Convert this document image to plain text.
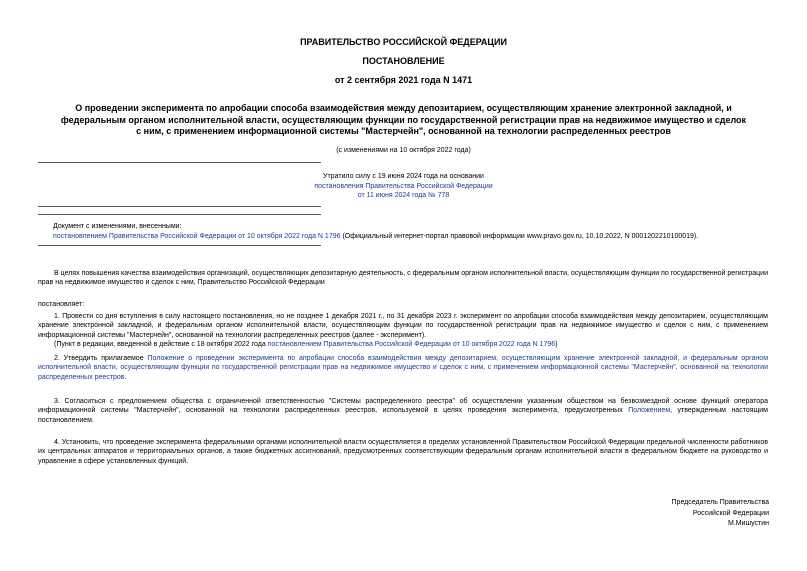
ПРАВИТЕЛЬСТВО РОССИЙСКОЙ ФЕДЕРАЦИИ
ПОСТАНОВЛЕНИЕ
от 2 сентября 2021 года N 1471
О проведении эксперимента по апробации способа взаимодействия между депозитарием, осуществляющим хранение электронной закладной, и федеральным органом исполнительной власти, осуществляющим функции по государственной регистрации прав на недвижимое имущество и сделок с ним, с применением информационной системы "Мастерчейн", основанной на технологии распределенных реестров
(с изменениями на 10 октября 2022 года)
Утратило силу с 19 июня 2024 года на основании
постановления Правительства Российской Федерации
от 11 июня 2024 года № 778
Документ с изменениями, внесенными:
постановлением Правительства Российской Федерации от 10 октября 2022 года N 1796 (Официальный интернет-портал правовой информации www.pravo.gov.ru, 10.10.2022, N 0001202210100019).

В целях повышения качества взаимодействия организаций, осуществляющих депозитарную деятельность, с федеральным органом исполнительной власти, осуществляющим функции по государственной регистрации прав на недвижимое имущество и сделок с ним, Правительство Российской Федерации

постановляет:

1. Провести со дня вступления в силу настоящего постановления, но не позднее 1 декабря 2021 г., по 31 декабря 2023 г. эксперимент по апробации способа взаимодействия между депозитарием, осуществляющим хранение электронной закладной, и федеральным органом исполнительной власти, осуществляющим функции по государственной регистрации прав на недвижимое имущество и сделок с ним, с применением информационной системы "Мастерчейн", основанной на технологии распределенных реестров (далее - эксперимент).

(Пункт в редакции, введенной в действие с 18 октября 2022 года постановлением Правительства Российской Федерации от 10 октября 2022 года N 1796)

2. Утвердить прилагаемое Положение о проведении эксперимента по апробации способа взаимодействия между депозитарием, осуществляющим хранение электронной закладной, и федеральным органом исполнительной власти, осуществляющим функции по государственной регистрации прав на недвижимое имущество и сделок с ним, с применением информационной системы "Мастерчейн", основанной на технологии распределенных реестров.

3. Согласиться с предложением общества с ограниченной ответственностью "Системы распределенного реестра" об осуществлении указанным обществом на безвозмездной основе функций оператора информационной системы "Мастерчейн", основанной на технологии распределенных реестров, используемой в целях проведения эксперимента, предусмотренных Положением, утвержденным настоящим постановлением.

4. Установить, что проведение эксперимента федеральными органами исполнительной власти осуществляется в пределах установленной Правительством Российской Федерации предельной численности работников их центральных аппаратов и территориальных органов, а также бюджетных ассигнований, предусмотренных соответствующим федеральным органам исполнительной власти в федеральном бюджете на руководство и управление в сфере установленных функций.

Председатель Правительства
Российской Федерации
М.Мишустин
